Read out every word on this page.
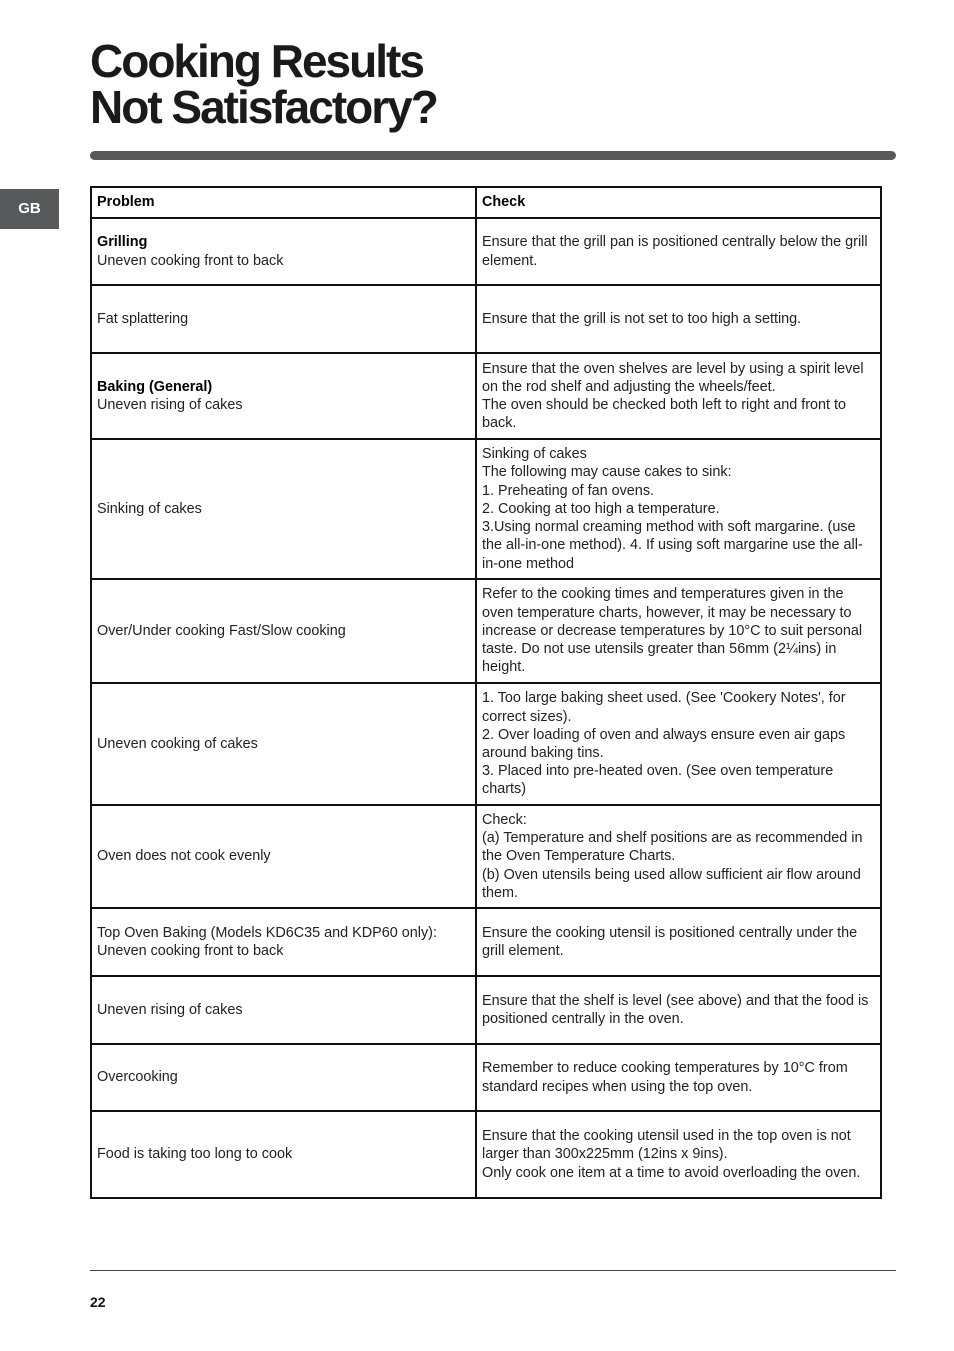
Cooking Results
Not Satisfactory?
GB	Problem	Check

Grilling
Uneven cooking front to back	Ensure that the grill pan is positioned centrally below the grill element.

Fat splattering	Ensure that the grill is not set to too high a setting.

Baking (General)
Uneven rising of cakes	Ensure that the oven shelves are level by using a spirit level on the rod shelf and adjusting the wheels/feet.
The oven should be checked both left to right and front to back.

Sinking of cakes	Sinking of cakes
The following may cause cakes to sink:
1. Preheating of fan ovens.
2. Cooking at too high a temperature.
3.Using normal creaming method with soft margarine. (use the all-in-one method). 4. If using soft margarine use the all-in-one method

Over/Under cooking Fast/Slow cooking	Refer to the cooking times and temperatures given in the oven temperature charts, however, it may be necessary to increase or decrease temperatures by 10°C to suit personal taste. Do not use utensils greater than 56mm (2¼ins) in height.

Uneven cooking of cakes	1. Too large baking sheet used. (See 'Cookery Notes', for correct sizes).
2. Over loading of oven and always ensure even air gaps around baking tins.
3. Placed into pre-heated oven. (See oven temperature charts)

Oven does not cook evenly	Check:
(a) Temperature and shelf positions are as recommended in the Oven Temperature Charts.
(b) Oven utensils being used allow sufficient air flow around them.

Top Oven Baking (Models KD6C35 and KDP60 only): Uneven cooking front to back	Ensure the cooking utensil is positioned centrally under the grill element.

Uneven rising of cakes	Ensure that the shelf is level (see above) and that the food is positioned centrally in the oven.

Overcooking	Remember to reduce cooking temperatures by 10°C from standard recipes when using the top oven.

Food is taking too long to cook	Ensure that the cooking utensil used in the top oven is not larger than 300x225mm (12ins x 9ins).
Only cook one item at a time to avoid overloading the oven.
22
